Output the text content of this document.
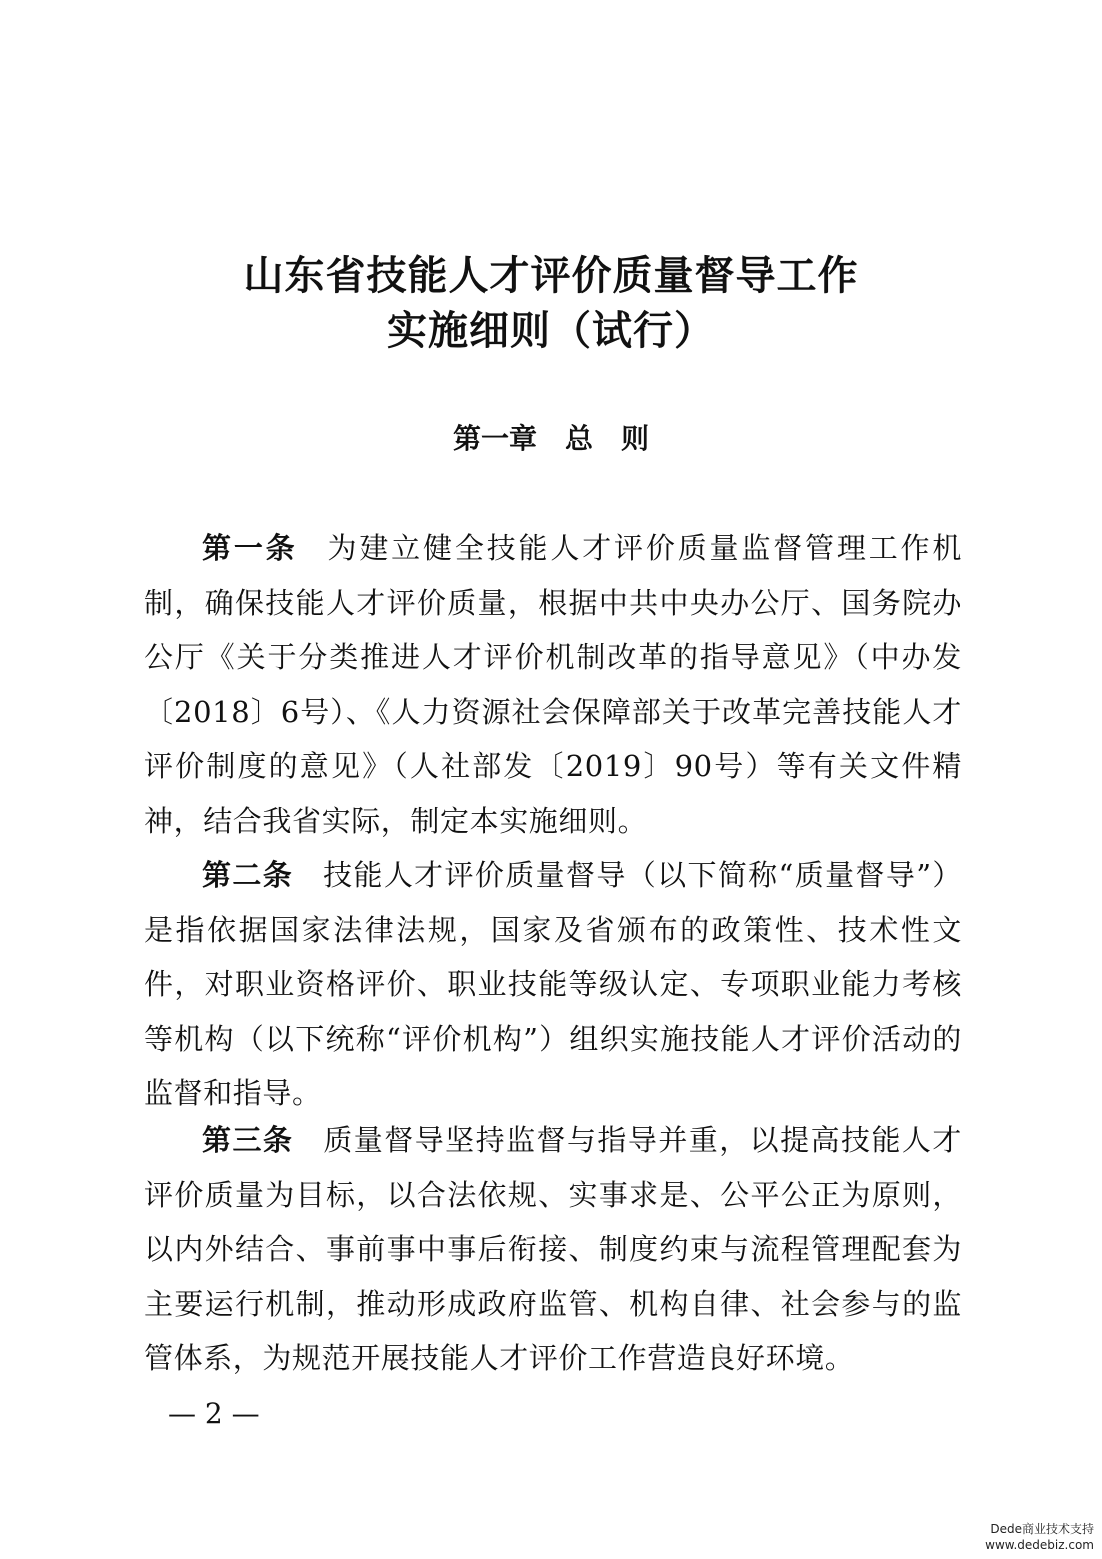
山东省技能人才评价质量督导工作
实施细则（试行）
第一章　总　则

第一条 为建立健全技能人才评价质量监督管理工作机制，确保技能人才评价质量，根据中共中央办公厅、国务院办公厅《关于分类推进人才评价机制改革的指导意见》（中办发〔2018〕6号）、《人力资源社会保障部关于改革完善技能人才评价制度的意见》（人社部发〔2019〕90号）等有关文件精神，结合我省实际，制定本实施细则。

第二条 技能人才评价质量督导（以下简称“质量督导”）是指依据国家法律法规，国家及省颁布的政策性、技术性文件，对职业资格评价、职业技能等级认定、专项职业能力考核等机构（以下统称“评价机构”）组织实施技能人才评价活动的监督和指导。

第三条 质量督导坚持监督与指导并重，以提高技能人才评价质量为目标，以合法依规、实事求是、公平公正为原则，以内外结合、事前事中事后衔接、制度约束与流程管理配套为主要运行机制，推动形成政府监管、机构自律、社会参与的监管体系，为规范开展技能人才评价工作营造良好环境。

— 2 —
Dede商业技术支持
www.dedebiz.com
